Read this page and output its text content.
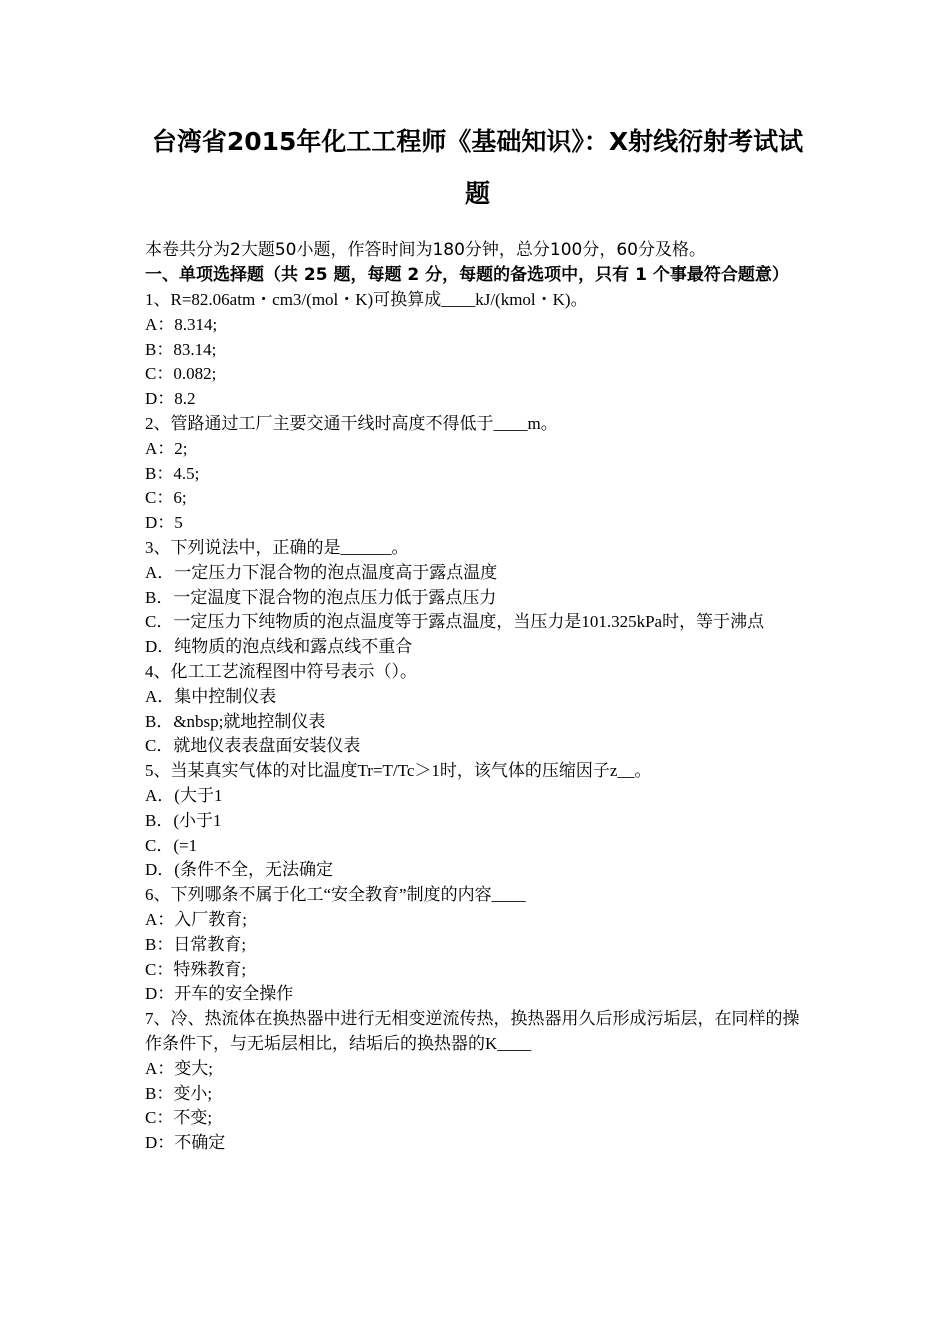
台湾省2015年化工工程师《基础知识》：X射线衍射考试试题
本卷共分为2大题50小题，作答时间为180分钟，总分100分，60分及格。
一、单项选择题（共 25 题，每题 2 分，每题的备选项中，只有 1 个事最符合题意）
1、R=82.06atm・cm3/(mol・K)可换算成____kJ/(kmol・K)。
A：8.314;
B：83.14;
C：0.082;
D：8.2
2、管路通过工厂主要交通干线时高度不得低于____m。
A：2;
B：4.5;
C：6;
D：5
3、下列说法中，正确的是______。
A．一定压力下混合物的泡点温度高于露点温度
B．一定温度下混合物的泡点压力低于露点压力
C．一定压力下纯物质的泡点温度等于露点温度，当压力是101.325kPa时，等于沸点
D．纯物质的泡点线和露点线不重合
4、化工工艺流程图中符号表示（）。
A．集中控制仪表
B．&nbsp;就地控制仪表
C．就地仪表表盘面安装仪表
5、当某真实气体的对比温度Tr=T/Tc＞1时，该气体的压缩因子z__。
A．(大于1
B．(小于1
C．(=1
D．(条件不全，无法确定
6、下列哪条不属于化工“安全教育”制度的内容____
A：入厂教育;
B：日常教育;
C：特殊教育;
D：开车的安全操作
7、冷、热流体在换热器中进行无相变逆流传热，换热器用久后形成污垢层，在同样的操作条件下，与无垢层相比，结垢后的换热器的K____
A：变大;
B：变小;
C：不变;
D：不确定
